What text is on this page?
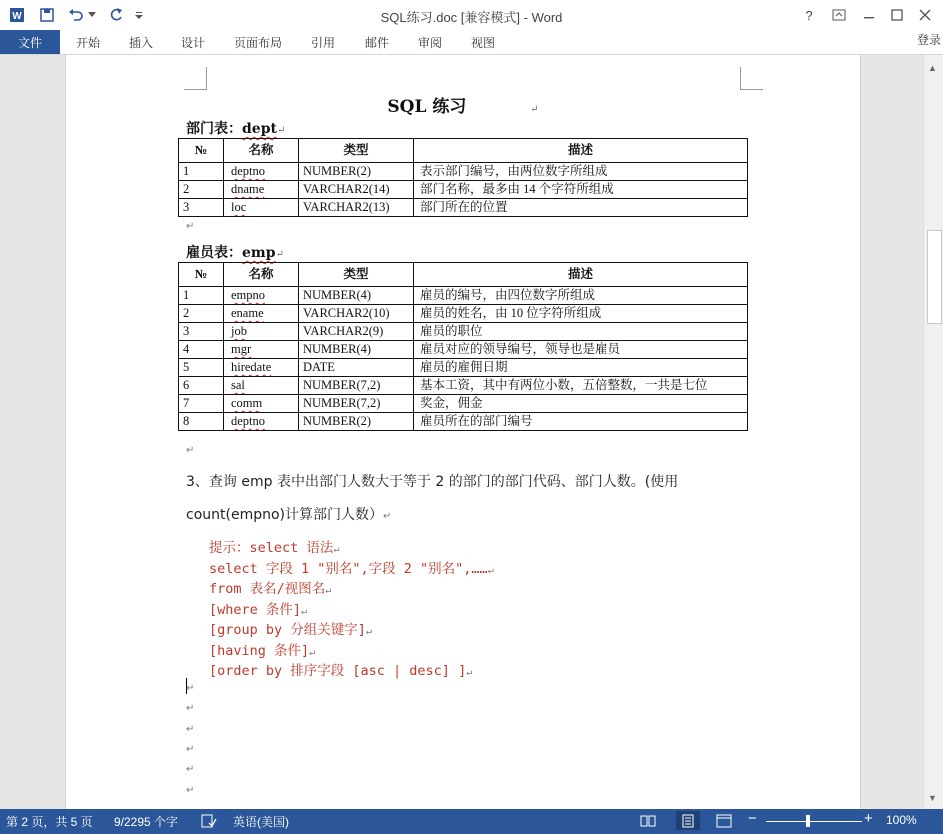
W	SQL练习.doc [兼容模式] - Word	?
文件	开始 插入 设计 页面布局 引用 邮件 审阅 视图	登录
SQL 练习	↵
部门表：dept↵
№	名称	类型	描述
1	deptno	NUMBER(2)	表示部门编号，由两位数字所组成
2	dname	VARCHAR2(14)	部门名称，最多由 14 个字符所组成
3	loc	VARCHAR2(13)	部门所在的位置
↵
雇员表：emp↵
№	名称	类型	描述
1	empno	NUMBER(4)	雇员的编号，由四位数字所组成
2	ename	VARCHAR2(10)	雇员的姓名，由 10 位字符所组成
3	job	VARCHAR2(9)	雇员的职位
4	mgr	NUMBER(4)	雇员对应的领导编号，领导也是雇员
5	hiredate	DATE	雇员的雇佣日期
6	sal	NUMBER(7,2)	基本工资，其中有两位小数，五倍整数，一共是七位
7	comm	NUMBER(7,2)	奖金，佣金
8	deptno	NUMBER(2)	雇员所在的部门编号
↵
3、查询 emp 表中出部门人数大于等于 2 的部门的部门代码、部门人数。(使用
count(empno)计算部门人数）↵
提示：select 语法↵
select 字段 1 "别名",字段 2 "别名",……↵
from 表名/视图名↵
[where 条件]↵
[group by 分组关键字]↵
[having 条件]↵
[order by 排序字段 [asc | desc] ]↵
↵
↵
↵
↵
↵
↵
▲
▼
第 2 页，共 5 页 9/2295 个字	英语(美国)	−	+ 100%
